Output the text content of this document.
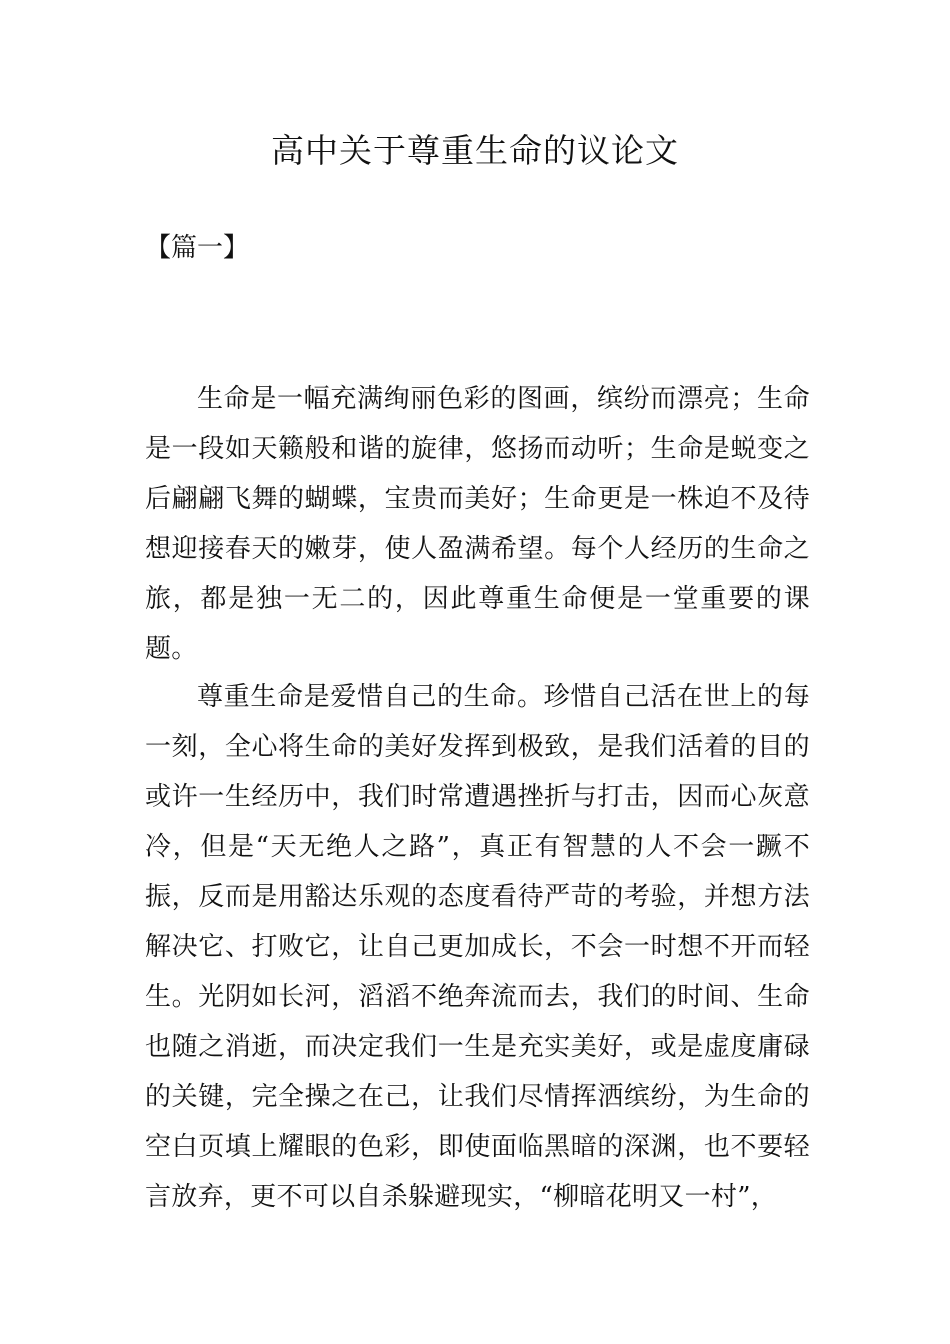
高中关于尊重生命的议论文
【篇一】

生命是一幅充满绚丽色彩的图画，缤纷而漂亮；生命是一段如天籁般和谐的旋律，悠扬而动听；生命是蜕变之后翩翩飞舞的蝴蝶，宝贵而美好；生命更是一株迫不及待想迎接春天的嫩芽，使人盈满希望。每个人经历的生命之旅，都是独一无二的，因此尊重生命便是一堂重要的课题。

尊重生命是爱惜自己的生命。珍惜自己活在世上的每一刻，全心将生命的美好发挥到极致，是我们活着的目的或许一生经历中，我们时常遭遇挫折与打击，因而心灰意冷，但是“天无绝人之路”，真正有智慧的人不会一蹶不振，反而是用豁达乐观的态度看待严苛的考验，并想方法解决它、打败它，让自己更加成长，不会一时想不开而轻生。光阴如长河，滔滔不绝奔流而去，我们的时间、生命也随之消逝，而决定我们一生是充实美好，或是虚度庸碌的关键，完全操之在己，让我们尽情挥洒缤纷，为生命的空白页填上耀眼的色彩，即使面临黑暗的深渊，也不要轻言放弃，更不可以自杀躲避现实，“柳暗花明又一村”，
